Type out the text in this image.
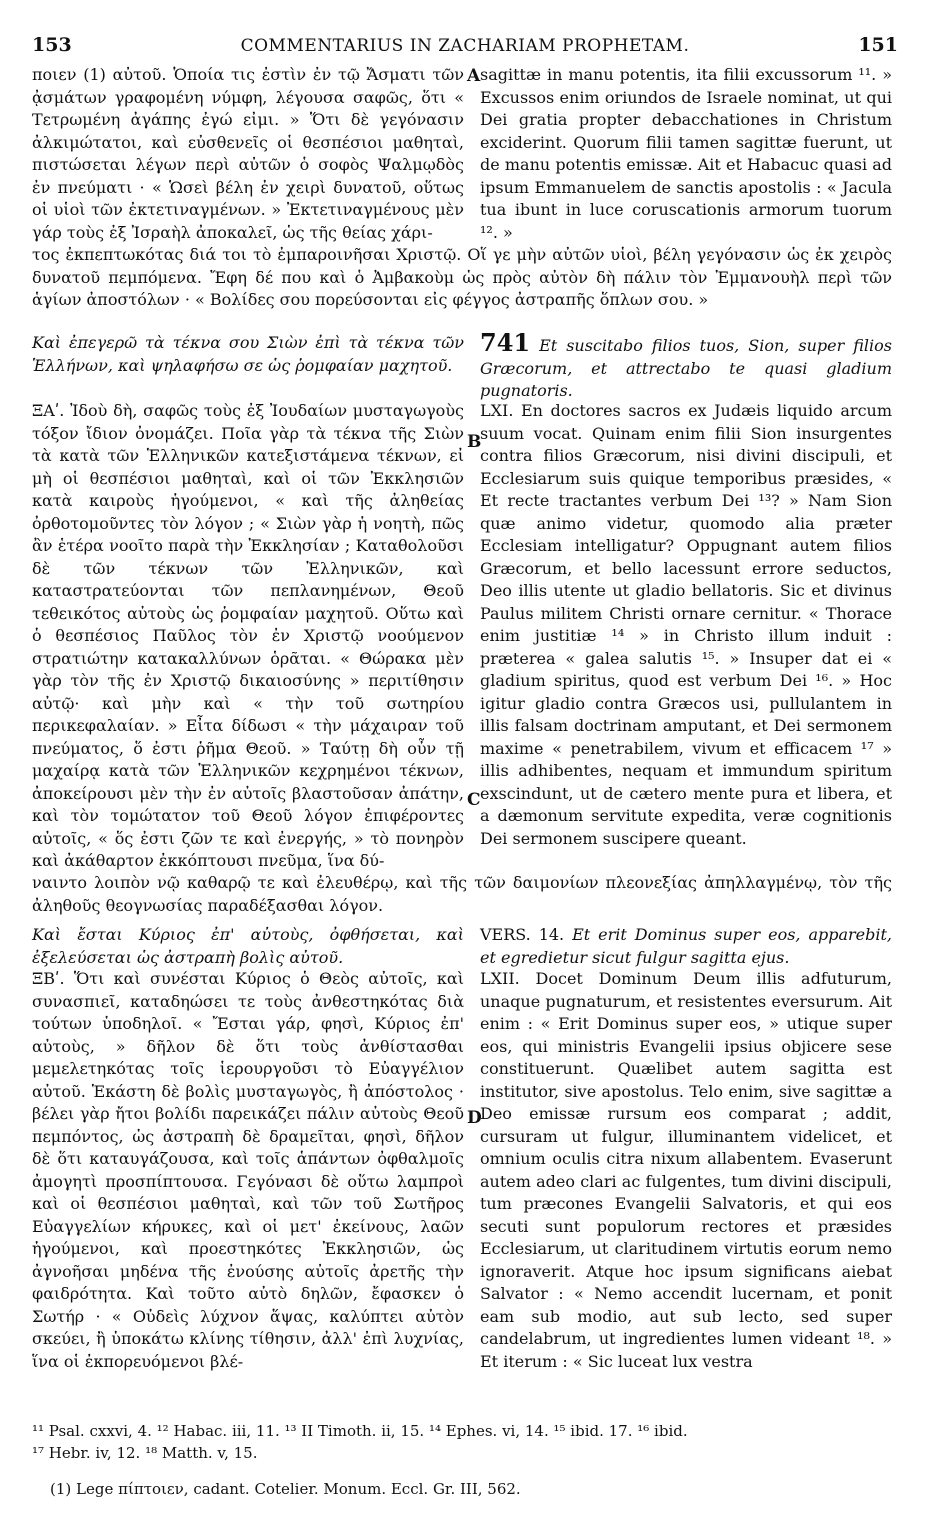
153	COMMENTARIUS IN ZACHARIAM PROPHETAM.	151

ποιεν (1) αὐτοῦ. Ὁποία τις ἐστὶν ἐν τῷ Ἄσματι τῶν ᾀσμάτων γραφομένη νύμφη, λέγουσα σαφῶς, ὅτι « Τετρωμένη ἀγάπης ἐγώ εἰμι. » Ὅτι δὲ γεγόνασιν ἀλκιμώτατοι, καὶ εὐσθενεῖς οἱ θεσπέσιοι μαθηταὶ, πιστώσεται λέγων περὶ αὐτῶν ὁ σοφὸς Ψαλμῳδὸς ἐν πνεύματι · « Ὡσεὶ βέλη ἐν χειρὶ δυνατοῦ, οὕτως οἱ υἱοὶ τῶν ἐκτετιναγμένων. » Ἐκτετιναγμένους μὲν γάρ τοὺς ἐξ Ἰσραὴλ ἀποκαλεῖ, ὡς τῆς θείας χάρι-

sagittæ in manu potentis, ita filii excussorum ¹¹. » Excussos enim oriundos de Israele nominat, ut qui Dei gratia propter debacchationes in Christum exciderint. Quorum filii tamen sagittæ fuerunt, ut de manu potentis emissæ. Ait et Habacuc quasi ad ipsum Emmanuelem de sanctis apostolis : « Jacula tua ibunt in luce coruscationis armorum tuorum ¹². »

A

τος ἐκπεπτωκότας διά τοι τὸ ἐμπαροινῆσαι Χριστῷ. Οἵ γε μὴν αὐτῶν υἱοὶ, βέλη γεγόνασιν ὡς ἐκ χειρὸς δυνατοῦ πεμπόμενα. Ἔφη δέ που καὶ ὁ Ἀμβακοὺμ ὡς πρὸς αὐτὸν δὴ πάλιν τὸν Ἐμμανουὴλ περὶ τῶν ἁγίων ἀποστόλων · « Βολίδες σου πορεύσονται εἰς φέγγος ἀστραπῆς ὅπλων σου. »

Καὶ ἐπεγερῶ τὰ τέκνα σου Σιὼν ἐπὶ τὰ τέκνα τῶν Ἑλλήνων, καὶ ψηλαφήσω σε ὡς ῥομφαίαν μαχητοῦ.

741 Et suscitabo filios tuos, Sion, super filios Græcorum, et attrectabo te quasi gladium pugnatoris.

ΞΑʹ. Ἰδοὺ δὴ, σαφῶς τοὺς ἐξ Ἰουδαίων μυσταγωγοὺς τόξον ἴδιον ὀνομάζει. Ποῖα γὰρ τὰ τέκνα τῆς Σιὼν τὰ κατὰ τῶν Ἑλληνικῶν κατεξιστάμενα τέκνων, εἰ μὴ οἱ θεσπέσιοι μαθηταὶ, καὶ οἱ τῶν Ἐκκλησιῶν κατὰ καιροὺς ἡγούμενοι, « καὶ τῆς ἀληθείας ὀρθοτομοῦντες τὸν λόγον ; « Σιὼν γὰρ ἡ νοητὴ, πῶς ἂν ἑτέρα νοοῖτο παρὰ τὴν Ἐκκλησίαν ; Καταθολοῦσι δὲ τῶν τέκνων τῶν Ἑλληνικῶν, καὶ καταστρατεύονται τῶν πεπλανημένων, Θεοῦ τεθεικότος αὐτοὺς ὡς ῥομφαίαν μαχητοῦ. Οὕτω καὶ ὁ θεσπέσιος Παῦλος τὸν ἐν Χριστῷ νοούμενον στρατιώτην κατακαλλύνων ὁρᾶται. « Θώρακα μὲν γὰρ τὸν τῆς ἐν Χριστῷ δικαιοσύνης » περιτίθησιν αὐτῷ· καὶ μὴν καὶ « τὴν τοῦ σωτηρίου περικεφαλαίαν. » Εἶτα δίδωσι « τὴν μάχαιραν τοῦ πνεύματος, ὅ ἐστι ῥῆμα Θεοῦ. » Ταύτῃ δὴ οὖν τῇ μαχαίρᾳ κατὰ τῶν Ἑλληνικῶν κεχρημένοι τέκνων, ἀποκείρουσι μὲν τὴν ἐν αὐτοῖς βλαστοῦσαν ἀπάτην, καὶ τὸν τομώτατον τοῦ Θεοῦ λόγον ἐπιφέροντες αὐτοῖς, « ὅς ἐστι ζῶν τε καὶ ἐνεργής, » τὸ πονηρὸν καὶ ἀκάθαρτον ἐκκόπτουσι πνεῦμα, ἵνα δύ-

LXI. En doctores sacros ex Judæis liquido arcum suum vocat. Quinam enim filii Sion insurgentes contra filios Græcorum, nisi divini discipuli, et Ecclesiarum suis quique temporibus præsides, « Et recte tractantes verbum Dei ¹³? » Nam Sion quæ animo videtur, quomodo alia præter Ecclesiam intelligatur? Oppugnant autem filios Græcorum, et bello lacessunt errore seductos, Deo illis utente ut gladio bellatoris. Sic et divinus Paulus militem Christi ornare cernitur. « Thorace enim justitiæ ¹⁴ » in Christo illum induit : præterea « galea salutis ¹⁵. » Insuper dat ei « gladium spiritus, quod est verbum Dei ¹⁶. » Hoc igitur gladio contra Græcos usi, pullulantem in illis falsam doctrinam amputant, et Dei sermonem maxime « penetrabilem, vivum et efficacem ¹⁷ » illis adhibentes, nequam et immundum spiritum exscindunt, ut de cætero mente pura et libera, et a dæmonum servitute expedita, veræ cognitionis Dei sermonem suscipere queant.

B
C

ναιντο λοιπὸν νῷ καθαρῷ τε καὶ ἐλευθέρῳ, καὶ τῆς τῶν δαιμονίων πλεονεξίας ἀπηλλαγμένῳ, τὸν τῆς ἀληθοῦς θεογνωσίας παραδέξασθαι λόγον.

Καὶ ἔσται Κύριος ἐπ' αὐτοὺς, ὀφθήσεται, καὶ ἐξελεύσεται ὡς ἀστραπὴ βολὶς αὐτοῦ.

VERS. 14. Et erit Dominus super eos, apparebit, et egredietur sicut fulgur sagitta ejus.

ΞΒʹ. Ὅτι καὶ συνέσται Κύριος ὁ Θεὸς αὐτοῖς, καὶ συνασπιεῖ, καταδηώσει τε τοὺς ἀνθεστηκότας διὰ τούτων ὑποδηλοῖ. « Ἔσται γάρ, φησὶ, Κύριος ἐπ' αὐτοὺς, » δῆλον δὲ ὅτι τοὺς ἀνθίστασθαι μεμελετηκότας τοῖς ἱερουργοῦσι τὸ Εὐαγγέλιον αὐτοῦ. Ἑκάστη δὲ βολὶς μυσταγωγὸς, ἢ ἀπόστολος · βέλει γὰρ ἤτοι βολίδι παρεικάζει πάλιν αὐτοὺς Θεοῦ πεμπόντος, ὡς ἀστραπὴ δὲ δραμεῖται, φησὶ, δῆλον δὲ ὅτι καταυγάζουσα, καὶ τοῖς ἁπάντων ὀφθαλμοῖς ἀμογητὶ προσπίπτουσα. Γεγόνασι δὲ οὕτω λαμπροὶ καὶ οἱ θεσπέσιοι μαθηταὶ, καὶ τῶν τοῦ Σωτῆρος Εὐαγγελίων κήρυκες, καὶ οἱ μετ' ἐκείνους, λαῶν ἡγούμενοι, καὶ προεστηκότες Ἐκκλησιῶν, ὡς ἀγνοῆσαι μηδένα τῆς ἐνούσης αὐτοῖς ἀρετῆς τὴν φαιδρότητα. Καὶ τοῦτο αὐτὸ δηλῶν, ἔφασκεν ὁ Σωτήρ · « Οὐδεὶς λύχνον ἅψας, καλύπτει αὐτὸν σκεύει, ἢ ὑποκάτω κλίνης τίθησιν, ἀλλ' ἐπὶ λυχνίας, ἵνα οἱ ἐκπορευόμενοι βλέ-

LXII. Docet Dominum Deum illis adfuturum, unaque pugnaturum, et resistentes eversurum. Ait enim : « Erit Dominus super eos, » utique super eos, qui ministris Evangelii ipsius objicere sese constituerunt. Quælibet autem sagitta est institutor, sive apostolus. Telo enim, sive sagittæ a Deo emissæ rursum eos comparat ; addit, cursuram ut fulgur, illuminantem videlicet, et omnium oculis citra nixum allabentem. Evaserunt autem adeo clari ac fulgentes, tum divini discipuli, tum præcones Evangelii Salvatoris, et qui eos secuti sunt populorum rectores et præsides Ecclesiarum, ut claritudinem virtutis eorum nemo ignoraverit. Atque hoc ipsum significans aiebat Salvator : « Nemo accendit lucernam, et ponit eam sub modio, aut sub lecto, sed super candelabrum, ut ingredientes lumen videant ¹⁸. » Et iterum : « Sic luceat lux vestra

D
¹¹ Psal. cxxvi, 4. ¹² Habac. iii, 11. ¹³ II Timoth. ii, 15. ¹⁴ Ephes. vi, 14. ¹⁵ ibid. 17. ¹⁶ ibid.
¹⁷ Hebr. iv, 12. ¹⁸ Matth. v, 15.
(1) Lege πίπτοιεν, cadant. Cotelier. Monum. Eccl. Gr. III, 562.
